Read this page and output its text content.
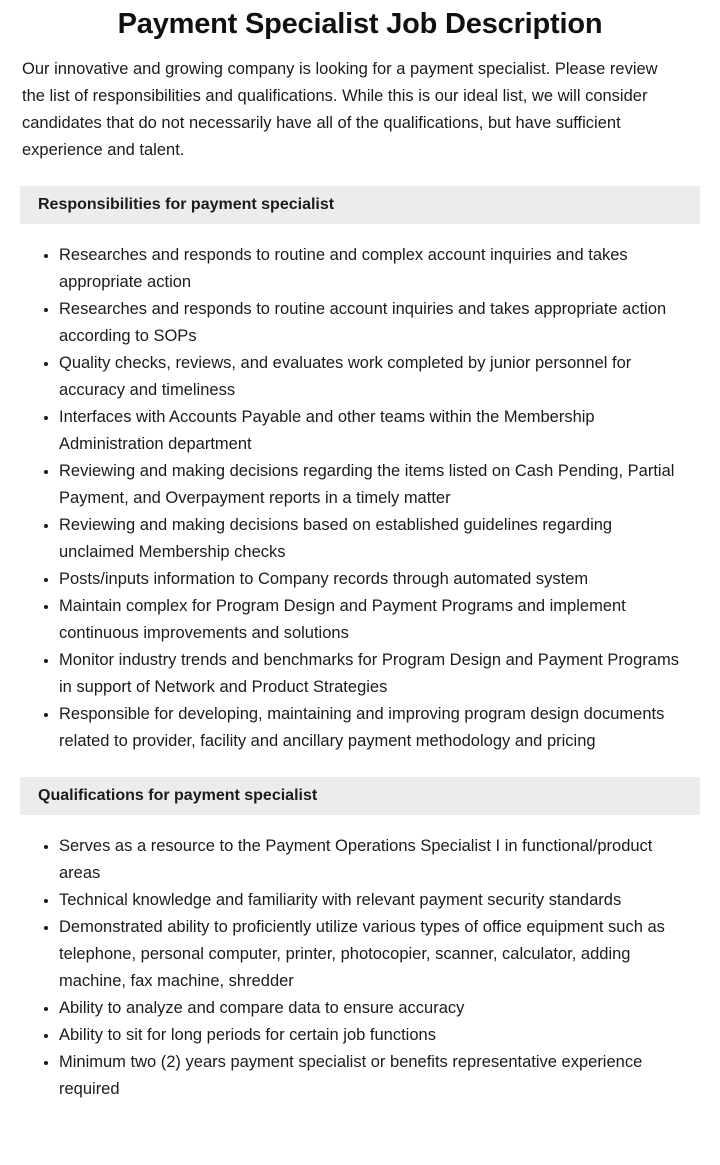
Payment Specialist Job Description

Our innovative and growing company is looking for a payment specialist. Please review the list of responsibilities and qualifications. While this is our ideal list, we will consider candidates that do not necessarily have all of the qualifications, but have sufficient experience and talent.

Responsibilities for payment specialist
Researches and responds to routine and complex account inquiries and takes appropriate action
Researches and responds to routine account inquiries and takes appropriate action according to SOPs
Quality checks, reviews, and evaluates work completed by junior personnel for accuracy and timeliness
Interfaces with Accounts Payable and other teams within the Membership Administration department
Reviewing and making decisions regarding the items listed on Cash Pending, Partial Payment, and Overpayment reports in a timely matter
Reviewing and making decisions based on established guidelines regarding unclaimed Membership checks
Posts/inputs information to Company records through automated system
Maintain complex for Program Design and Payment Programs and implement continuous improvements and solutions
Monitor industry trends and benchmarks for Program Design and Payment Programs in support of Network and Product Strategies
Responsible for developing, maintaining and improving program design documents related to provider, facility and ancillary payment methodology and pricing
Qualifications for payment specialist
Serves as a resource to the Payment Operations Specialist I in functional/product areas
Technical knowledge and familiarity with relevant payment security standards
Demonstrated ability to proficiently utilize various types of office equipment such as telephone, personal computer, printer, photocopier, scanner, calculator, adding machine, fax machine, shredder
Ability to analyze and compare data to ensure accuracy
Ability to sit for long periods for certain job functions
Minimum two (2) years payment specialist or benefits representative experience required
